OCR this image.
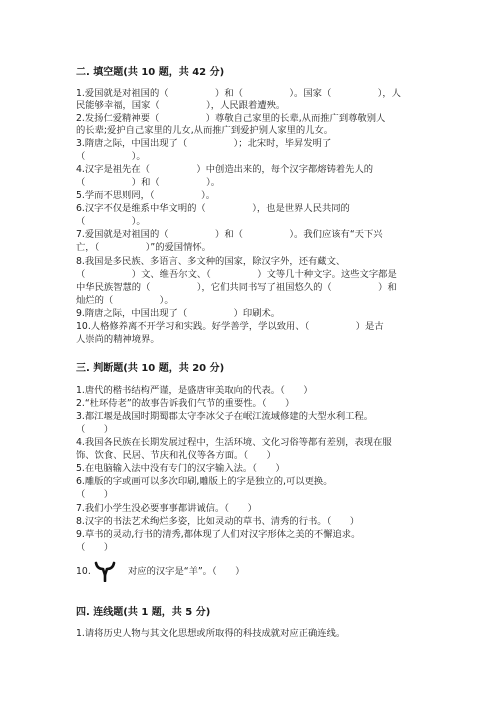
二. 填空题(共 10 题，共 42 分)
1.爱国就是对祖国的（　　　　　）和（　　　　　）。国家（　　　　　），人
民能够幸福，国家（　　　　　），人民跟着遭殃。
2.发扬仁爱精神要（　　　　　）尊敬自己家里的长辈,从而推广到尊敬别人
的长辈;爱护自己家里的儿女,从而推广到爱护别人家里的儿女。
3.隋唐之际，中国出现了（　　　　　）；北宋时，毕昇发明了
（　　　　　）。
4.汉字是祖先在（　　　　　）中创造出来的，每个汉字都熔铸着先人的
（　　　　　）和（　　　　　）。
5.学而不思则罔，（　　　　　）。
6.汉字不仅是维系中华文明的（　　　　　），也是世界人民共同的
（　　　　　）。
7.爱国就是对祖国的（　　　　　）和（　　　　　）。我们应该有“天下兴
亡，（　　　　　）”的爱国情怀。
8.我国是多民族、多语言、多文种的国家，除汉字外，还有藏文、
（　　　　　）文、维吾尔文、（　　　　　）文等几十种文字。这些文字都是
中华民族智慧的（　　　　　），它们共同书写了祖国悠久的（　　　　　）和
灿烂的（　　　　　）。
9.隋唐之际，中国出现了（　　　　　）印刷术。
10.人格修养离不开学习和实践。好学善学，学以致用、（　　　　　）是古
人崇尚的精神境界。
三. 判断题(共 10 题，共 20 分)
1.唐代的楷书结构严谨，是盛唐审美取向的代表。（　　）
2.“杜环侍老”的故事告诉我们气节的重要性。（　　）
3.都江堰是战国时期蜀郡太守李冰父子在岷江流域修建的大型水利工程。
（　　）
4.我国各民族在长期发展过程中，生活环境、文化习俗等都有差别，表现在服
饰、饮食、民居、节庆和礼仪等各方面。（　　）
5.在电脑输入法中没有专门的汉字输入法。（　　）
6.雕版的字或画可以多次印刷,雕版上的字是独立的,可以更换。
（　　）
7.我们小学生没必要事事都讲诚信。（　　）
8.汉字的书法艺术绚烂多姿，比如灵动的草书、清秀的行书。（　　）
9.草书的灵动,行书的清秀,都体现了人们对汉字形体之美的不懈追求。
（　　）
10.　　　　对应的汉字是“羊”。（　　）
四. 连线题(共 1 题，共 5 分)
1.请将历史人物与其文化思想或所取得的科技成就对应正确连线。
